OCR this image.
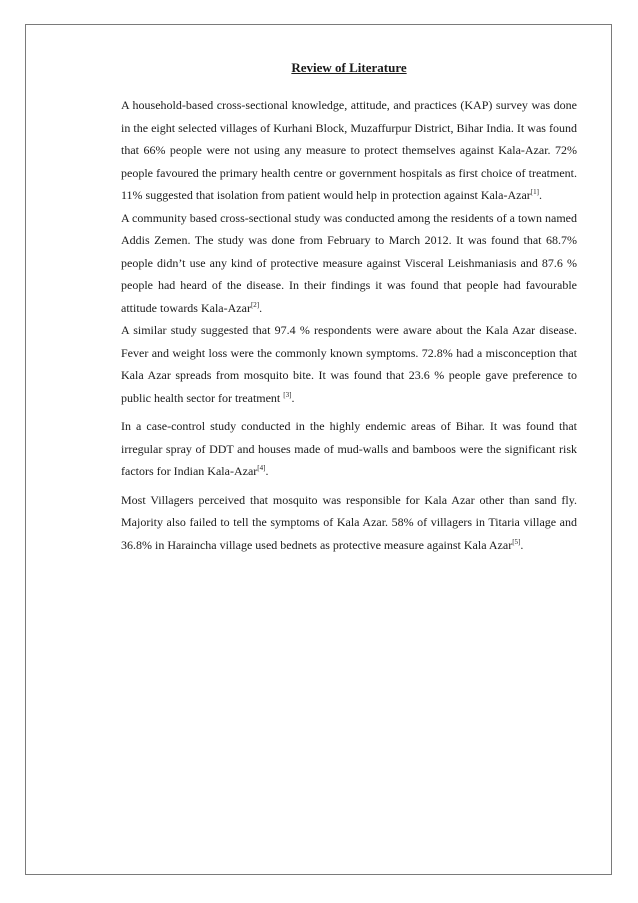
Review of Literature

A household-based cross-sectional knowledge, attitude, and practices (KAP) survey was done in the eight selected villages of Kurhani Block, Muzaffurpur District, Bihar India. It was found that 66% people were not using any measure to protect themselves against Kala-Azar. 72% people favoured the primary health centre or government hospitals as first choice of treatment. 11% suggested that isolation from patient would help in protection against Kala-Azar[1].

A community based cross-sectional study was conducted among the residents of a town named Addis Zemen. The study was done from February to March 2012. It was found that 68.7% people didn’t use any kind of protective measure against Visceral Leishmaniasis and 87.6 % people had heard of the disease. In their findings it was found that people had favourable attitude towards Kala-Azar[2].

A similar study suggested that 97.4 % respondents were aware about the Kala Azar disease. Fever and weight loss were the commonly known symptoms. 72.8% had a misconception that Kala Azar spreads from mosquito bite. It was found that 23.6 % people gave preference to public health sector for treatment [3].

In a case-control study conducted in the highly endemic areas of Bihar. It was found that irregular spray of DDT and houses made of mud-walls and bamboos were the significant risk factors for Indian Kala-Azar[4].

Most Villagers perceived that mosquito was responsible for Kala Azar other than sand fly. Majority also failed to tell the symptoms of Kala Azar. 58% of villagers in Titaria village and 36.8% in Haraincha village used bednets as protective measure against Kala Azar[5].
